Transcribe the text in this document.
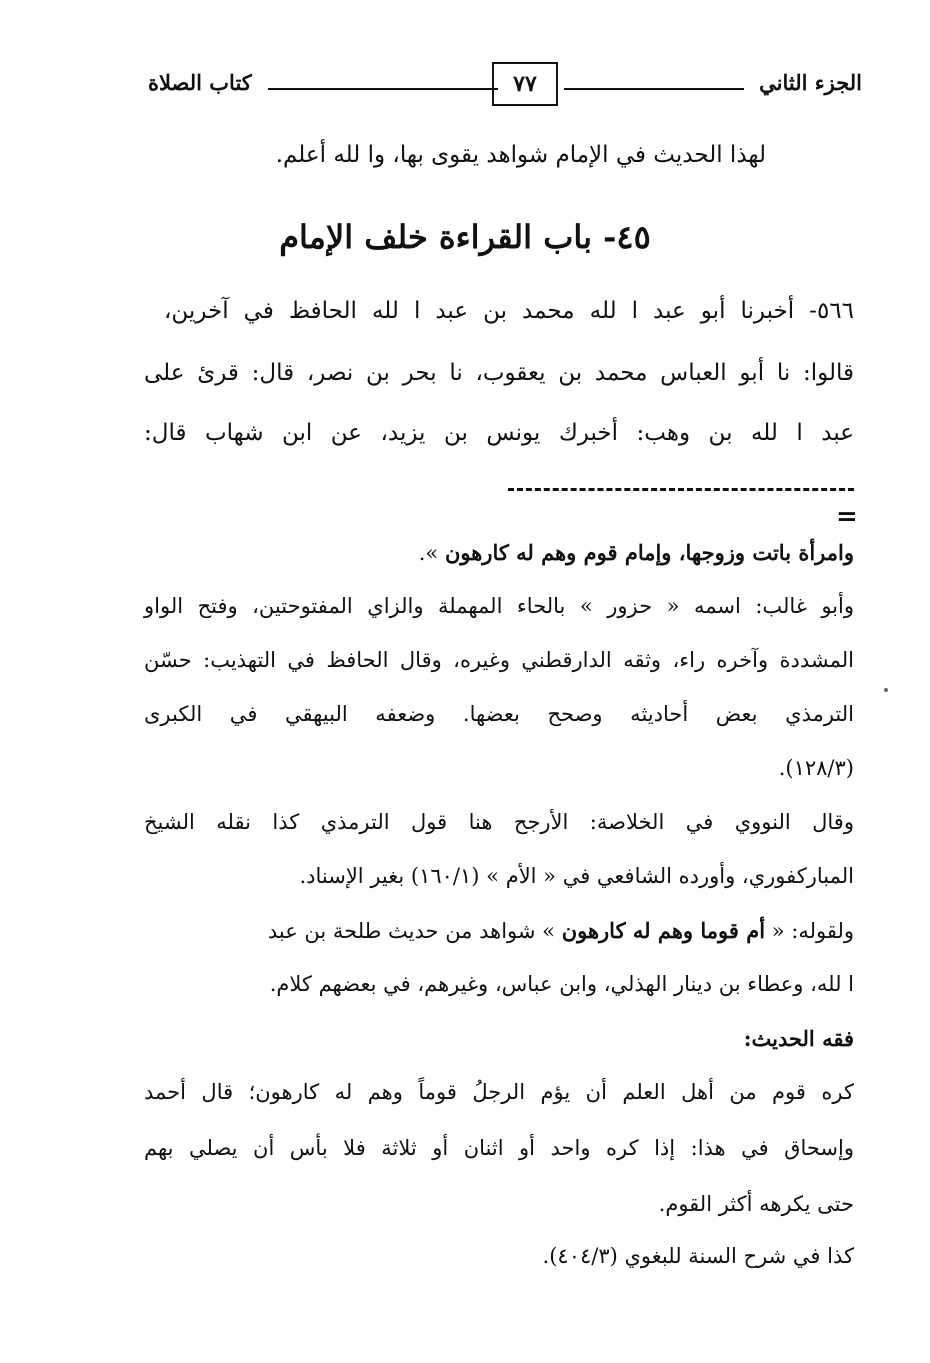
الجزء الثاني
٧٧
كتاب الصلاة
لهذا الحديث في الإمام شواهد يقوى بها، وا لله أعلم.
٤٥- باب القراءة خلف الإمام
٥٦٦- أخبرنا أبو عبد ا لله محمد بن عبد ا لله الحافظ في آخرين،
قالوا: نا أبو العباس محمد بن يعقوب، نا بحر بن نصر، قال: قرئ على
عبد ا لله بن وهب: أخبرك يونس بن يزيد، عن ابن شهاب قال:
=
وامرأة باتت وزوجها، وإمام قوم وهم له كارهون ».
وأبو غالب: اسمه « حزور » بالحاء المهملة والزاي المفتوحتين، وفتح الواو
المشددة وآخره راء، وثقه الدارقطني وغيره، وقال الحافظ في التهذيب: حسّن
الترمذي بعض أحاديثه وصحح بعضها. وضعفه البيهقي في الكبرى
(١٢٨/٣).
وقال النووي في الخلاصة: الأرجح هنا قول الترمذي كذا نقله الشيخ
المباركفوري، وأورده الشافعي في « الأم » (١٦٠/١) بغير الإسناد.
ولقوله: « أم قوما وهم له كارهون » شواهد من حديث طلحة بن عبد
ا لله، وعطاء بن دينار الهذلي، وابن عباس، وغيرهم، في بعضهم كلام.
فقه الحديث:
كره قوم من أهل العلم أن يؤم الرجلُ قوماً وهم له كارهون؛ قال أحمد
وإسحاق في هذا: إذا كره واحد أو اثنان أو ثلاثة فلا بأس أن يصلي بهم
حتى يكرهه أكثر القوم.
كذا في شرح السنة للبغوي (٤٠٤/٣).
